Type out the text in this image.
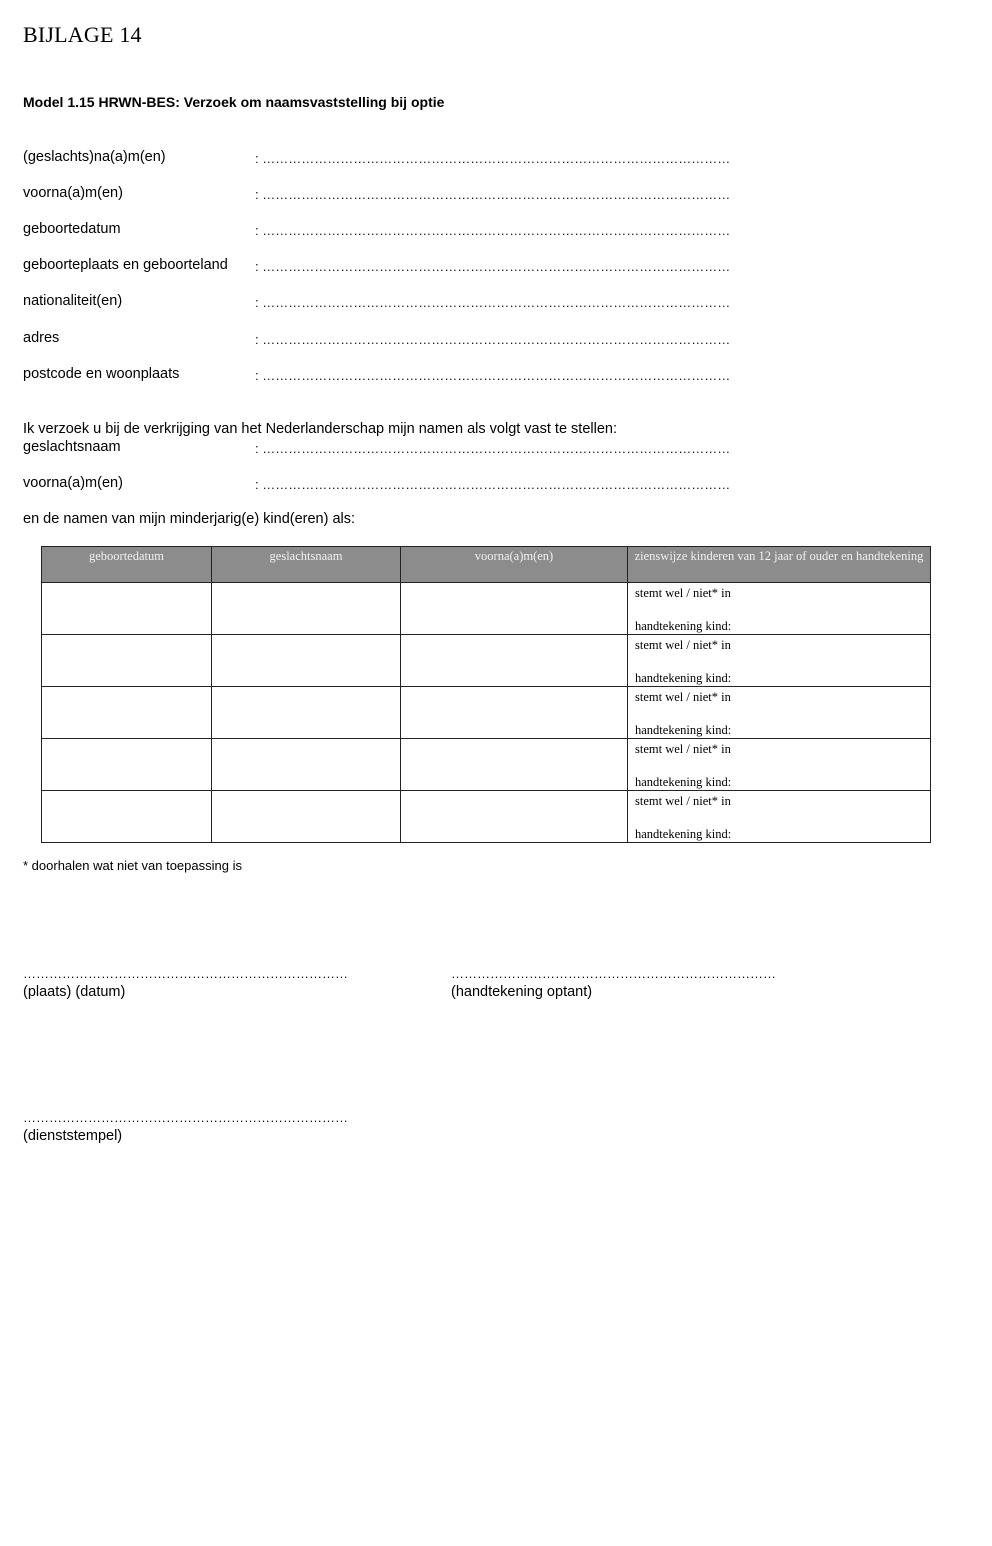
BIJLAGE 14
Model 1.15 HRWN-BES: Verzoek om naamsvaststelling bij optie
(geslachts)na(a)m(en)	: ………………………………………………………………………………………………
voorna(a)m(en)	: ………………………………………………………………………………………………
geboortedatum	: ………………………………………………………………………………………………
geboorteplaats en geboorteland : ………………………………………………………………………………………………
nationaliteit(en)	: ………………………………………………………………………………………………
adres	: ………………………………………………………………………………………………
postcode en woonplaats	: ………………………………………………………………………………………………
Ik verzoek u bij de verkrijging van het Nederlanderschap mijn namen als volgt vast te stellen:
geslachtsnaam	: ………………………………………………………………………………………………
voorna(a)m(en)	: ………………………………………………………………………………………………
en de namen van mijn minderjarig(e) kind(eren) als:
geboortedatum	geslachtsnaam	voorna(a)m(en)	zienswijze kinderen van 12 jaar of ouder en handtekening

			stemt wel / niet* in
handtekening kind:

			stemt wel / niet* in
handtekening kind:

			stemt wel / niet* in
handtekening kind:

			stemt wel / niet* in
handtekening kind:

			stemt wel / niet* in
handtekening kind:
* doorhalen wat niet van toepassing is
…………………………………………………………………
(plaats) (datum)
…………………………………………………………………
(handtekening optant)
…………………………………………………………………
(dienststempel)
